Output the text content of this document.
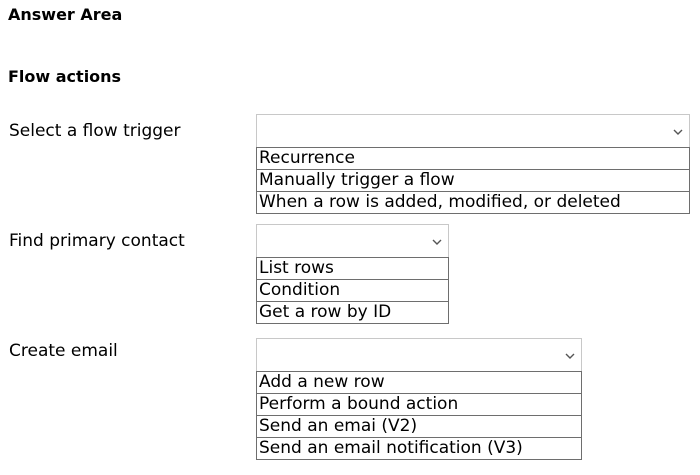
Answer Area
Flow actions
Select a flow trigger
Recurrence
Manually trigger a flow
When a row is added, modified, or deleted
Find primary contact
List rows
Condition
Get a row by ID
Create email
Add a new row
Perform a bound action
Send an emai (V2)
Send an email notification (V3)
